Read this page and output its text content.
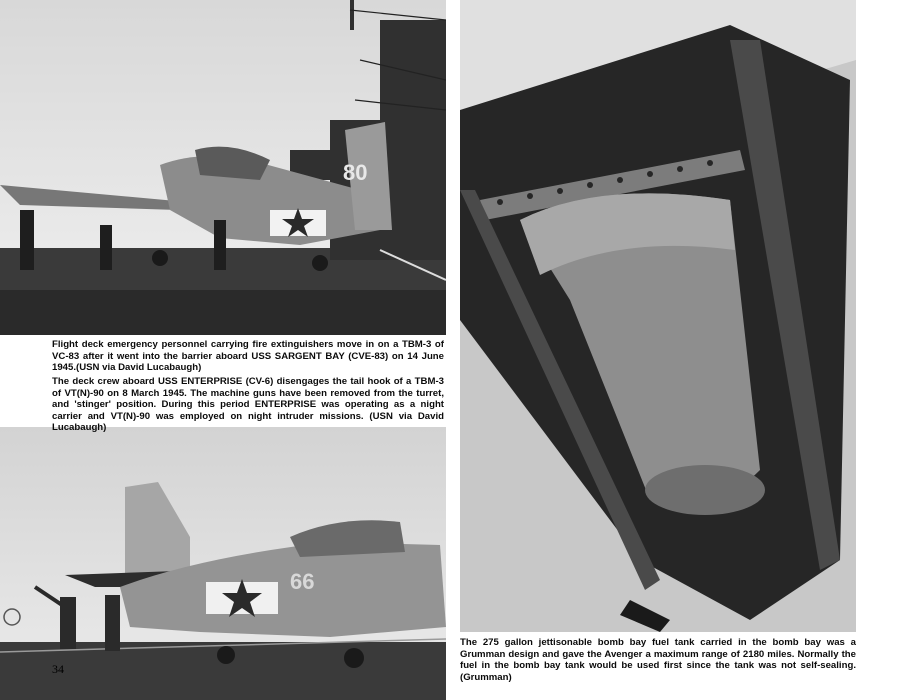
80
66

Flight deck emergency personnel carrying fire extinguishers move in on a TBM-3 of VC-83 after it went into the barrier aboard USS SARGENT BAY (CVE-83) on 14 June 1945.(USN via David Lucabaugh)

The deck crew aboard USS ENTERPRISE (CV-6) disengages the tail hook of a TBM-3 of VT(N)-90 on 8 March 1945. The machine guns have been removed from the turret, and 'stinger' position. During this period ENTERPRISE was operating as a night carrier and VT(N)-90 was employed on night intruder missions. (USN via David Lucabaugh)

The 275 gallon jettisonable bomb bay fuel tank carried in the bomb bay was a Grumman design and gave the Avenger a maximum range of 2180 miles. Normally the fuel in the bomb bay tank would be used first since the tank was not self-sealing. (Grumman)

34
